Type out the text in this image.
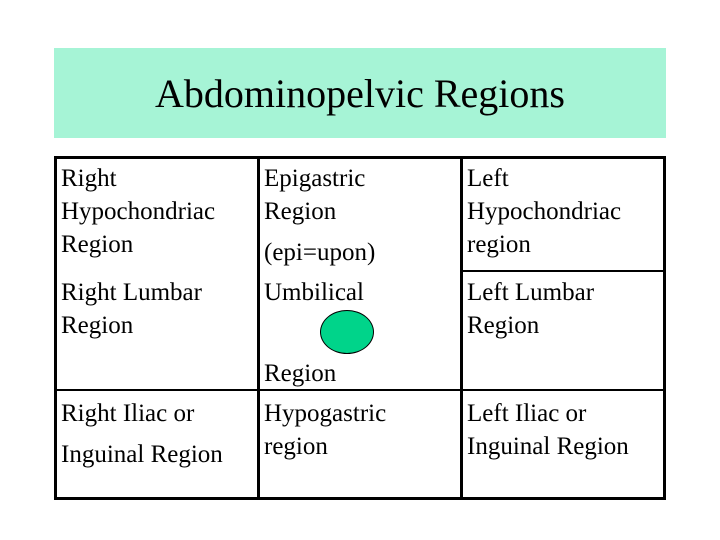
Abdominopelvic Regions
Right
Hypochondriac
Region
Epigastric
Region
(epi=upon)
Left
Hypochondriac
region
Right Lumbar
Region
Umbilical
Region
Left Lumbar
Region
Right Iliac or
Inguinal Region
Hypogastric
region
Left Iliac or
Inguinal Region
